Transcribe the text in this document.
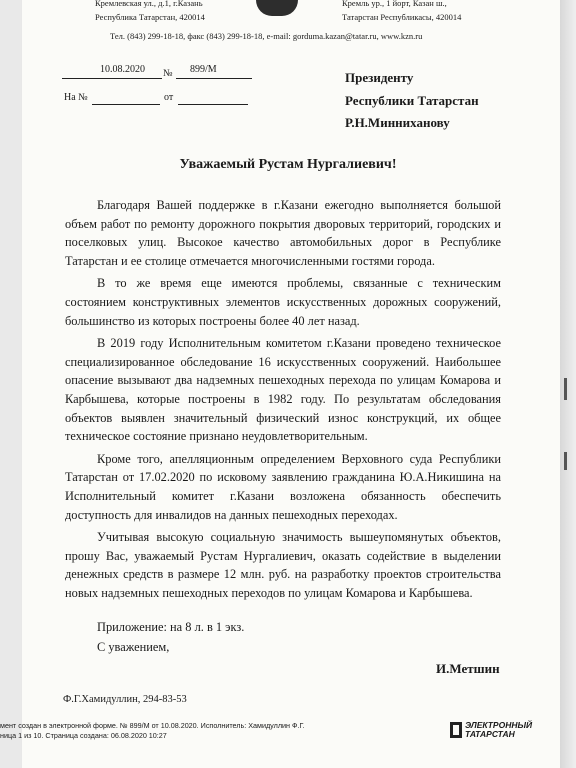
Кремлевская ул., д.1, г.Казань
Республика Татарстан, 420014
Кремль ур., 1 йорт, Казан ш.,
Татарстан Республикасы, 420014
Тел. (843) 299-18-18, факс (843) 299-18-18, e-mail: gorduma.kazan@tatar.ru, www.kzn.ru
10.08.2020 № 899/М
На №	от
Президенту
Республики Татарстан
Р.Н.Минниханову
Уважаемый Рустам Нургалиевич!

Благодаря Вашей поддержке в г.Казани ежегодно выполняется большой объем работ по ремонту дорожного покрытия дворовых территорий, городских и поселковых улиц. Высокое качество автомобильных дорог в Республике Татарстан и ее столице отмечается многочисленными гостями города.

В то же время еще имеются проблемы, связанные с техническим состоянием конструктивных элементов искусственных дорожных сооружений, большинство из которых построены более 40 лет назад.

В 2019 году Исполнительным комитетом г.Казани проведено техническое специализированное обследование 16 искусственных сооружений. Наибольшее опасение вызывают два надземных пешеходных перехода по улицам Комарова и Карбышева, которые построены в 1982 году. По результатам обследования объектов выявлен значительный физический износ конструкций, их общее техническое состояние признано неудовлетворительным.

Кроме того, апелляционным определением Верховного суда Республики Татарстан от 17.02.2020 по исковому заявлению гражданина Ю.А.Никишина на Исполнительный комитет г.Казани возложена обязанность обеспечить доступность для инвалидов на данных пешеходных переходах.

Учитывая высокую социальную значимость вышеупомянутых объектов, прошу Вас, уважаемый Рустам Нургалиевич, оказать содействие в выделении денежных средств в размере 12 млн. руб. на разработку проектов строительства новых надземных пешеходных переходов по улицам Комарова и Карбышева.

Приложение: на 8 л. в 1 экз.
С уважением,
И.Метшин
Ф.Г.Хамидуллин, 294-83-53
мент создан в электронной форме. № 899/М от 10.08.2020. Исполнитель: Хамидуллин Ф.Г.
ница 1 из 10. Страница создана: 06.08.2020 10:27
ЭЛЕКТРОННЫЙ
ТАТАРСТАН
